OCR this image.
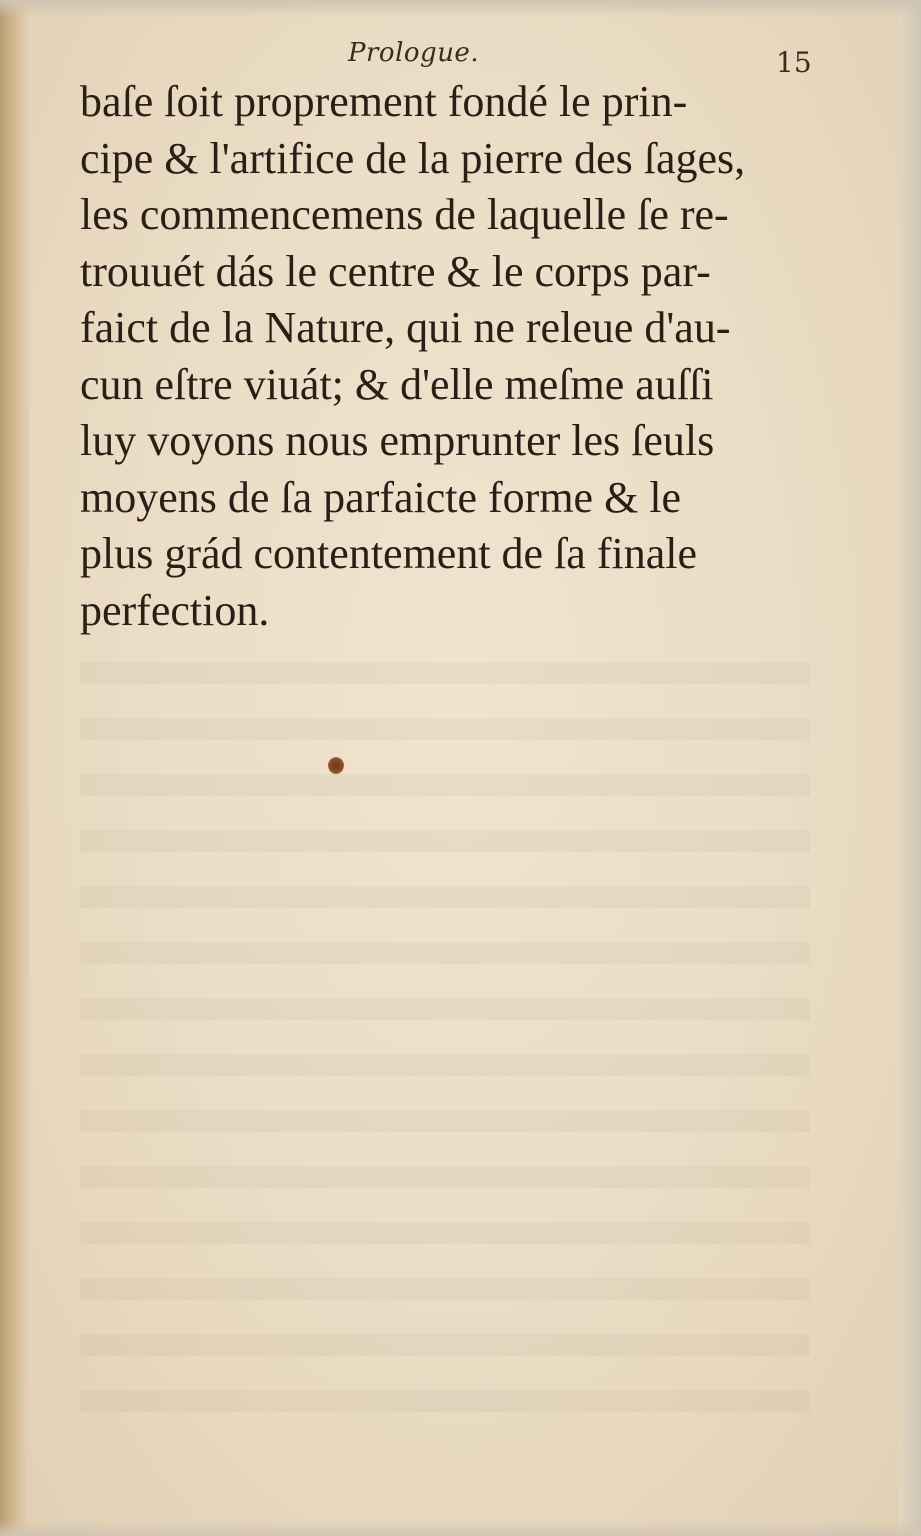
Prologue.	15
baſe ſoit proprement fondé le prin-
cipe & l'artifice de la pierre des ſages,
les commencemens de laquelle ſe re-
trouuét dás le centre & le corps par-
faict de la Nature, qui ne releue d'au-
cun eſtre viuát; & d'elle meſme auſſi
luy voyons nous emprunter les ſeuls
moyens de ſa parfaicte forme & le
plus grád contentement de ſa finale
perfection.
